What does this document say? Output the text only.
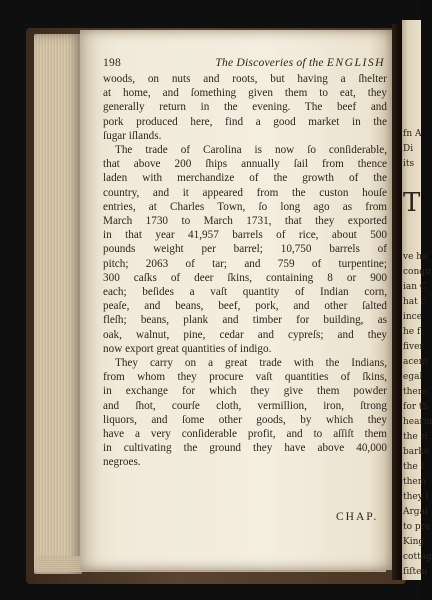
fn A
Di
its
T
ve ha
conqu
ian C
hat c
ince
he f
fiver
acent
egal
there.
for th
hearin
the ri
barke
the ſ
them
they l
Argal
to pre
King
cottag
ſiſten
198	The Discoveries of the ENGLISH
woods, on nuts and roots, but having a ſhelter
at home, and ſomething given them to eat, they
generally return in the evening. The beef and
pork produced here, find a good market in the
ſugar iſlands.
The trade of Carolina is now ſo conſiderable,
that above 200 ſhips annually ſail from thence
laden with merchandize of the growth of the
country, and it appeared from the custon houſe
entries, at Charles Town, ſo long ago as from
March 1730 to March 1731, that they exported
in that year 41,957 barrels of rice, about 500
pounds weight per barrel; 10,750 barrels of
pitch; 2063 of tar; and 759 of turpentine;
300 caſks of deer ſkins, containing 8 or 900
each; beſides a vaſt quantity of Indian corn,
peaſe, and beans, beef, pork, and other ſalted
fleſh; beans, plank and timber for building, as
oak, walnut, pine, cedar and cypreſs; and they
now export great quantities of indigo.
They carry on a great trade with the Indians,
from whom they procure vaſt quantities of ſkins,
in exchange for which they give them powder
and ſhot, courſe cloth, vermillion, iron, ſtrong
liquors, and ſome other goods, by which they
have a very conſiderable profit, and to aſſiſt them
in cultivating the ground they have above 40,000
negroes.
CHAP.
